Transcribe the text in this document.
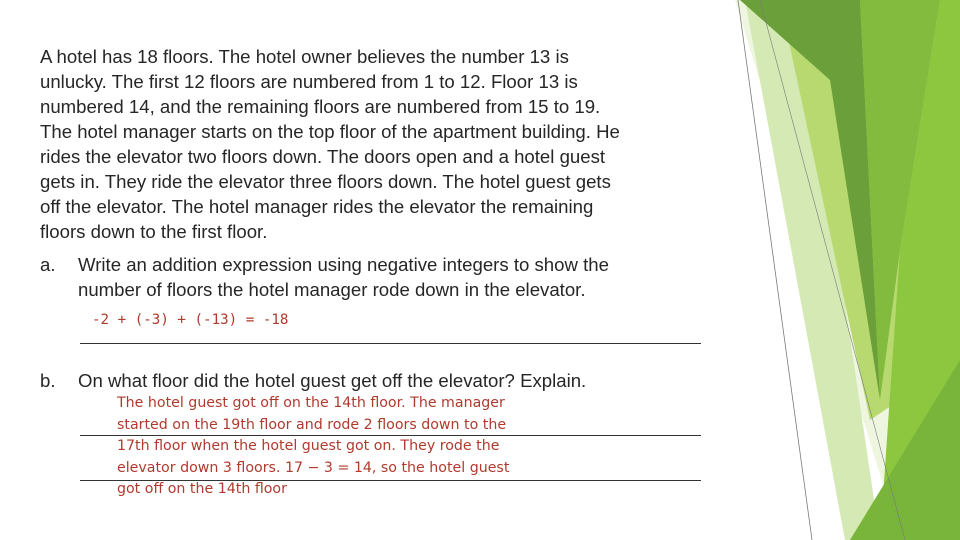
A hotel has 18 floors. The hotel owner believes the number 13 is
unlucky. The first 12 floors are numbered from 1 to 12. Floor 13 is
numbered 14, and the remaining floors are numbered from 15 to 19.
The hotel manager starts on the top floor of the apartment building. He
rides the elevator two floors down. The doors open and a hotel guest
gets in. They ride the elevator three floors down. The hotel guest gets
off the elevator. The hotel manager rides the elevator the remaining
floors down to the first floor.
a. Write an addition expression using negative integers to show the
number of floors the hotel manager rode down in the elevator.
-2 + (-3) + (-13) = -18
b. On what floor did the hotel guest get off the elevator? Explain.
The hotel guest got off on the 14th floor. The manager
started on the 19th floor and rode 2 floors down to the
17th floor when the hotel guest got on. They rode the
elevator down 3 floors. 17 − 3 = 14, so the hotel guest
got off on the 14th floor
